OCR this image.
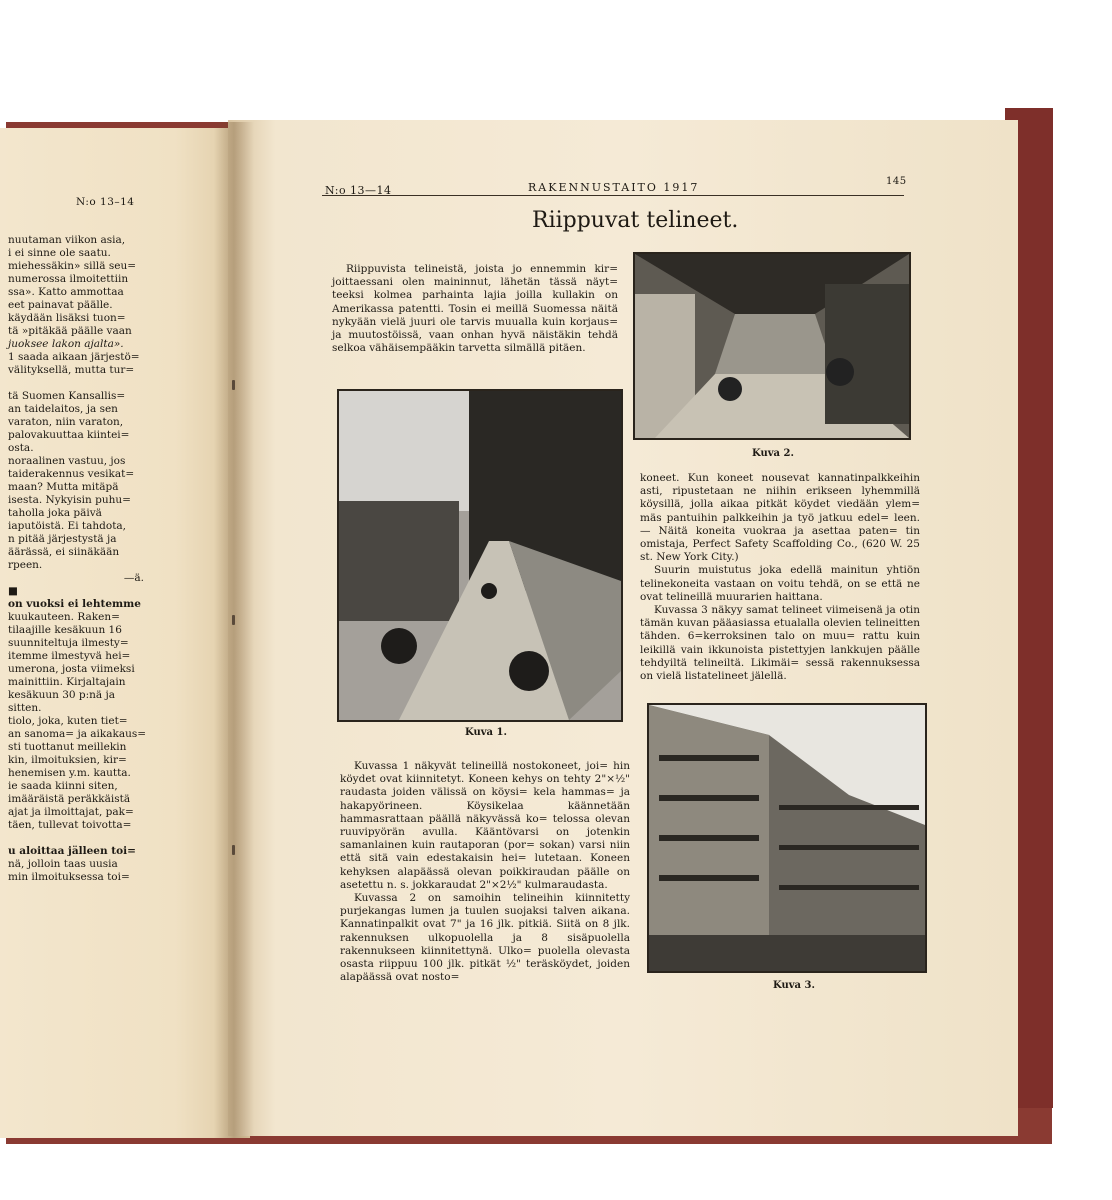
N:o 13–14

nuutaman viikon asia,

i ei sinne ole saatu.

miehessäkin» sillä seu=

numerossa ilmoitettiin

ssa». Katto ammottaa

eet painavat päälle.

käydään lisäksi tuon=

tä »pitäkää päälle vaan

juoksee lakon ajalta».

1 saada aikaan järjestö=

välityksellä, mutta tur=

tä Suomen Kansallis=

an taidelaitos, ja sen

varaton, niin varaton,

palovakuuttaa kiintei=

osta.

noraalinen vastuu, jos

taiderakennus vesikat=

maan? Mutta mitäpä

isesta. Nykyisin puhu=

taholla joka päivä

iaputöistä. Ei tahdota,

n pitää järjestystä ja

äärässä, ei siinäkään

rpeen.

—ä.

■

on vuoksi ei lehtemme

kuukauteen. Raken=

tilaajille kesäkuun 16

suunniteltuja ilmesty=

itemme ilmestyvä hei=

umerona, josta viimeksi

mainittiin. Kirjaltajain

kesäkuun 30 p:nä ja

sitten.

tiolo, joka, kuten tiet=

an sanoma= ja aikakaus=

sti tuottanut meillekin

kin, ilmoituksien, kir=

henemisen y.m. kautta.

ie saada kiinni siten,

imääräistä peräkkäistä

ajat ja ilmoittajat, pak=

täen, tullevat toivotta=

u aloittaa jälleen toi=

nä, jolloin taas uusia

min ilmoituksessa toi=

N:o 13—14	RAKENNUSTAITO 1917	145
Riippuvat telineet.

Riippuvista telineistä, joista jo ennemmin kir= joittaessani olen maininnut, lähetän tässä näyt= teeksi kolmea parhainta lajia joilla kullakin on Amerikassa patentti. Tosin ei meillä Suomessa näitä nykyään vielä juuri ole tarvis muualla kuin korjaus= ja muutostöissä, vaan onhan hyvä näistäkin tehdä selkoa vähäisempääkin tarvetta silmällä pitäen.

Kuva 2.
Kuva 1.

Kuvassa 1 näkyvät telineillä nostokoneet, joi= hin köydet ovat kiinnitetyt. Koneen kehys on tehty 2"×½" raudasta joiden välissä on köysi= kela hammas= ja hakapyörineen. Köysikelaa käännetään hammasrattaan päällä näkyvässä ko= telossa olevan ruuvipyörän avulla. Kääntövarsi on jotenkin samanlainen kuin rautaporan (por= sokan) varsi niin että sitä vain edestakaisin hei= lutetaan. Koneen kehyksen alapäässä olevan poikkiraudan päälle on asetettu n. s. jokkaraudat 2"×2½" kulmaraudasta.

Kuvassa 2 on samoihin telineihin kiinnitetty purjekangas lumen ja tuulen suojaksi talven aikana. Kannatinpalkit ovat 7" ja 16 jlk. pitkiä. Siitä on 8 jlk. rakennuksen ulkopuolella ja 8 sisäpuolella rakennukseen kiinnitettynä. Ulko= puolella olevasta osasta riippuu 100 jlk. pitkät ½" teräsköydet, joiden alapäässä ovat nosto=

koneet. Kun koneet nousevat kannatinpalkkeihin asti, ripustetaan ne niihin erikseen lyhemmillä köysillä, jolla aikaa pitkät köydet viedään ylem= mäs pantuihin palkkeihin ja työ jatkuu edel= leen. — Näitä koneita vuokraa ja asettaa paten= tin omistaja, Perfect Safety Scaffolding Co., (620 W. 25 st. New York City.)

Suurin muistutus joka edellä mainitun yhtiön telinekoneita vastaan on voitu tehdä, on se että ne ovat telineillä muurarien haittana.

Kuvassa 3 näkyy samat telineet viimeisenä ja otin tämän kuvan pääasiassa etualalla olevien telineitten tähden. 6=kerroksinen talo on muu= rattu kuin leikillä vain ikkunoista pistettyjen lankkujen päälle tehdyiltä telineiltä. Likimäi= sessä rakennuksessa on vielä listatelineet jälellä.

Kuva 3.
